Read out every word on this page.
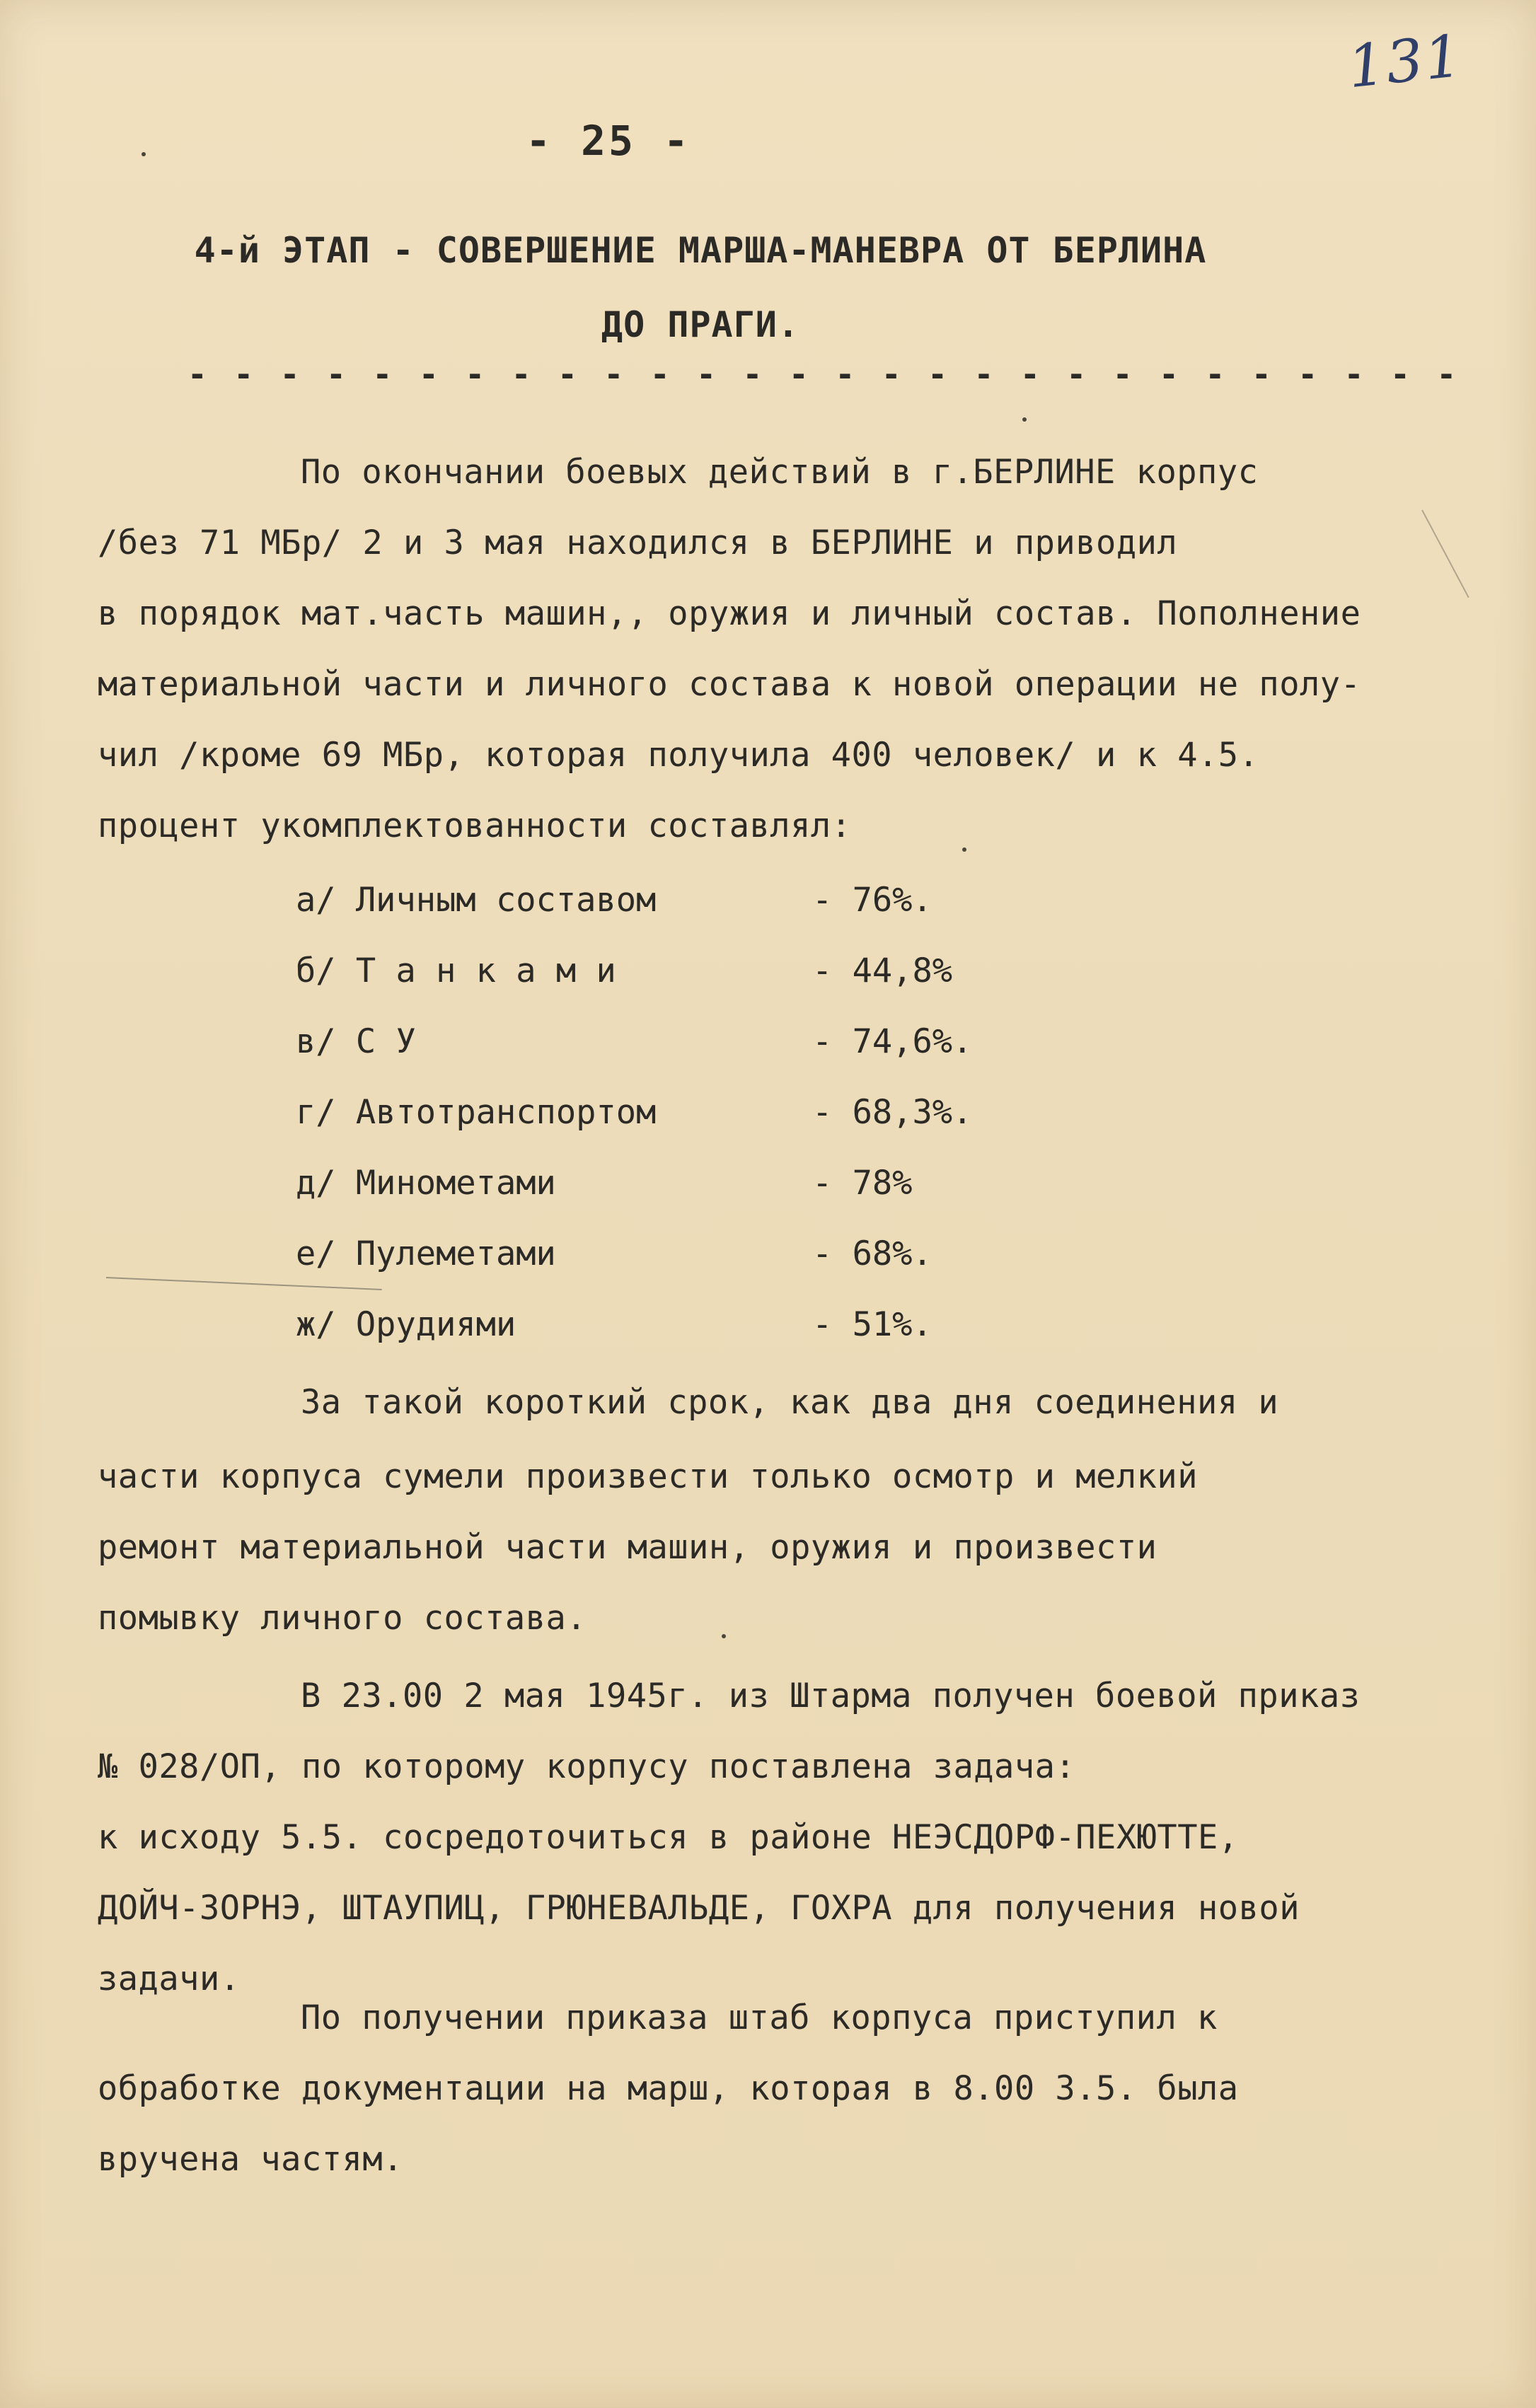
131
- 25 -
4-й ЭТАП - СОВЕРШЕНИЕ МАРША-МАНЕВРА ОТ БЕРЛИНА
ДО ПРАГИ.
- - - - - - - - - - - - - - - - - - - - - - - - - - - -
По окончании боевых действий в г.БЕРЛИНЕ корпус
/без 71 МБр/ 2 и 3 мая находился в БЕРЛИНЕ и приводил
в порядок мат.часть машин,, оружия и личный состав. Пополнение
материальной части и личного состава к новой операции не полу-
чил /кроме 69 МБр, которая получила 400 человек/ и к 4.5.
процент укомплектованности составлял:
а/ Личным составом	- 76%.
б/ Т а н к а м и	- 44,8%
в/ С У	- 74,6%.
г/ Автотранспортом	- 68,3%.
д/ Минометами	- 78%
е/ Пулеметами	- 68%.
ж/ Орудиями	- 51%.
За такой короткий срок, как два дня соединения и
части корпуса сумели произвести только осмотр и мелкий
ремонт материальной части машин, оружия и произвести
помывку личного состава.
В 23.00 2 мая 1945г. из Штарма получен боевой приказ
№ 028/ОП, по которому корпусу поставлена задача:
к исходу 5.5. сосредоточиться в районе НЕЭСДОРФ-ПЕХЮТТЕ,
ДОЙЧ-ЗОРНЭ, ШТАУПИЦ, ГРЮНЕВАЛЬДЕ, ГОХРА для получения новой
задачи.
По получении приказа штаб корпуса приступил к
обработке документации на марш, которая в 8.00 3.5. была
вручена частям.
